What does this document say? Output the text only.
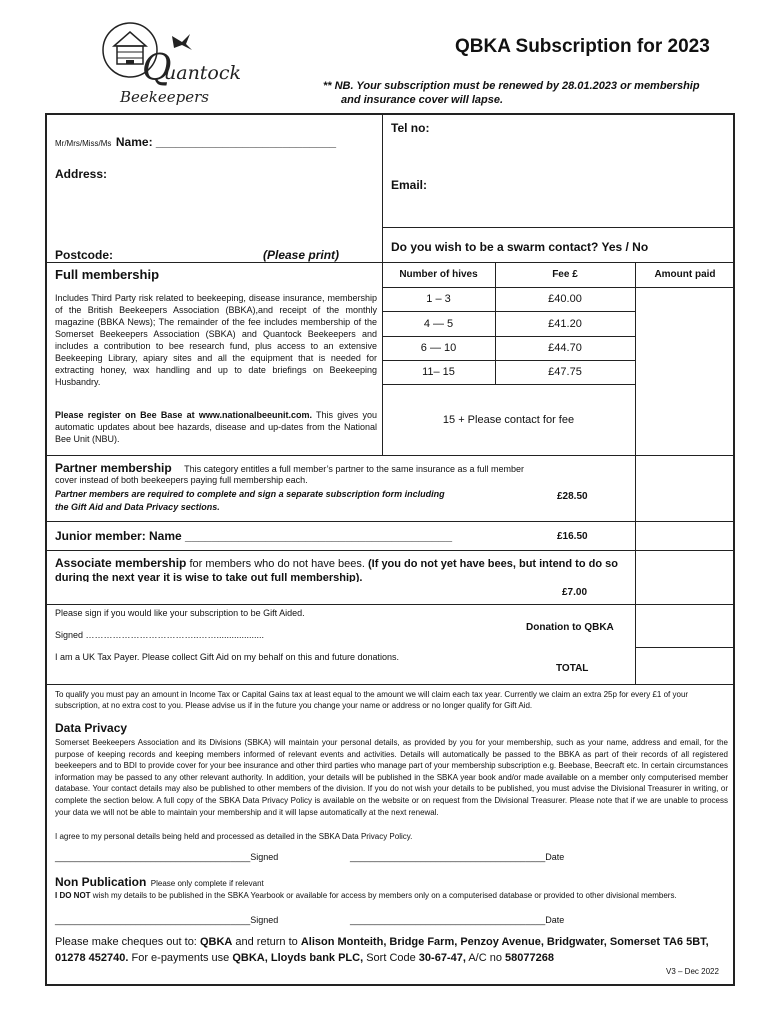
Q
uantock
Beekeepers
QBKA Subscription for 2023
** NB. Your subscription must be renewed by 28.01.2023 or membership
and insurance cover will lapse.
Mr/Mrs/Miss/Ms Name: ___________________________
Address:
Postcode:	(Please print)
Tel no:
Email:
Do you wish to be a swarm contact? Yes / No
Full membership
Includes Third Party risk related to beekeeping, disease insurance, membership of the British Beekeepers Association (BBKA),and receipt of the monthly magazine (BBKA News); The remainder of the fee includes membership of the Somerset Beekeepers Association (SBKA) and Quantock Beekeepers and includes a contribution to bee research fund, plus access to an extensive Beekeeping Library, apiary sites and all the equipment that is needed for extracting honey, wax handling and up to date briefings on Beekeeping Husbandry.
Please register on Bee Base at www.nationalbeeunit.com. This gives you automatic updates about bee hazards, disease and up-dates from the National Bee Unit (NBU).
Number of hives	Fee £	Amount paid
1 – 3	£40.00
4 — 5	£41.20
6 — 10	£44.70
11– 15	£47.75
15 + Please contact for fee
Partner membership This category entitles a full member’s partner to the same insurance as a full member
cover instead of both beekeepers paying full membership each.
Partner members are required to complete and sign a separate subscription form including
the Gift Aid and Data Privacy sections.
£28.50
Junior member: Name ________________________________________	£16.50
Associate membership for members who do not have bees. (If you do not yet have bees, but intend to do so during the next year it is wise to take out full membership).
£7.00
Please sign if you would like your subscription to be Gift Aided.
Signed ………………………………..……...................
I am a UK Tax Payer. Please collect Gift Aid on my behalf on this and future donations.
Donation to QBKA
TOTAL
To qualify you must pay an amount in Income Tax or Capital Gains tax at least equal to the amount we will claim each tax year. Currently we claim an extra 25p for every £1 of your subscription, at no extra cost to you. Please advise us if in the future you change your name or address or no longer qualify for Gift Aid.
Data Privacy
Somerset Beekeepers Association and its Divisions (SBKA) will maintain your personal details, as provided by you for your membership, such as your name, address and email, for the purpose of keeping records and keeping members informed of relevant events and activities. Details will automatically be passed to the BBKA as part of their records of all registered beekeepers and to BDI to provide cover for your bee insurance and other third parties who manage part of your membership subscription e.g. Beebase, Beecraft etc. In certain circumstances information may be passed to any other relevant authority. In addition, your details will be published in the SBKA year book and/or made available on a member only computerised member database. Your contact details may also be published to other members of the division. If you do not wish your details to be published, you must advise the Divisional Treasurer in writing, or complete the section below. A full copy of the SBKA Data Privacy Policy is available on the website or on request from the Divisional Treasurer. Please note that if we are unable to process your data we will not be able to maintain your membership and it will lapse automatically at the next renewal.
I agree to my personal details being held and processed as detailed in the SBKA Data Privacy Policy.
_______________________________________Signed	_______________________________________Date
Non Publication Please only complete if relevant
I DO NOT wish my details to be published in the SBKA Yearbook or available for access by members only on a computerised database or provided to other divisional members.
_______________________________________Signed	_______________________________________Date
Please make cheques out to: QBKA and return to Alison Monteith, Bridge Farm, Penzoy Avenue, Bridgwater, Somerset TA6 5BT, 01278 452740. For e-payments use QBKA, Lloyds bank PLC, Sort Code 30-67-47, A/C no 58077268
V3 – Dec 2022
